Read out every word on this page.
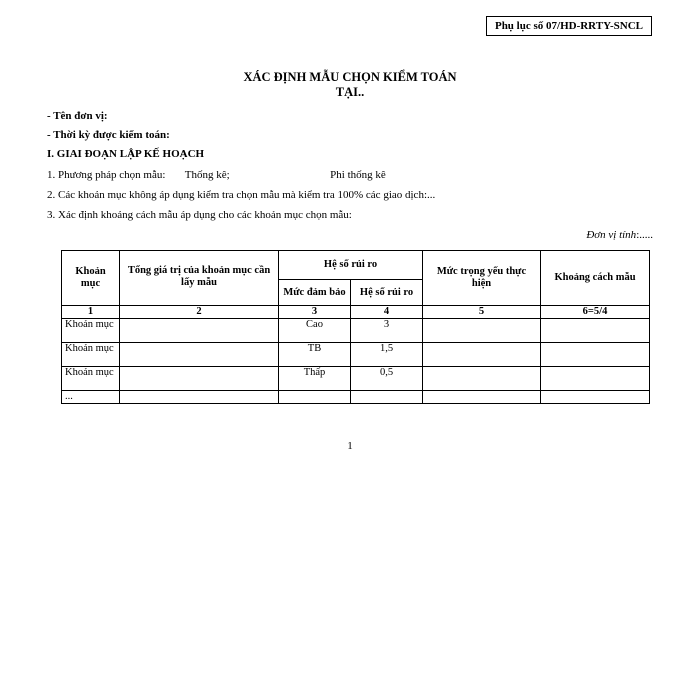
Phụ lục số 07/HD-RRTY-SNCL
XÁC ĐỊNH MẪU CHỌN KIỂM TOÁN
TẠI..
- Tên đơn vị:
- Thời kỳ được kiểm toán:
I. GIAI ĐOẠN LẬP KẾ HOẠCH
1. Phương pháp chọn mẫu: Thống kê;	Phi thống kê
2. Các khoản mục không áp dụng kiểm tra chọn mẫu mà kiểm tra 100% các giao dịch:...
3. Xác định khoảng cách mẫu áp dụng cho các khoản mục chọn mẫu:
Đơn vị tính:.....
Khoản mục	Tổng giá trị của khoản mục cần lấy mẫu	Hệ số rủi ro		Mức trọng yếu thực hiện	Khoảng cách mẫu
		Mức đảm bảo	Hệ số rủi ro		
1	2	3	4	5	6=5/4
Khoản mục		Cao	3		
Khoản mục		TB	1,5		
Khoản mục		Thấp	0,5		
...					
1
